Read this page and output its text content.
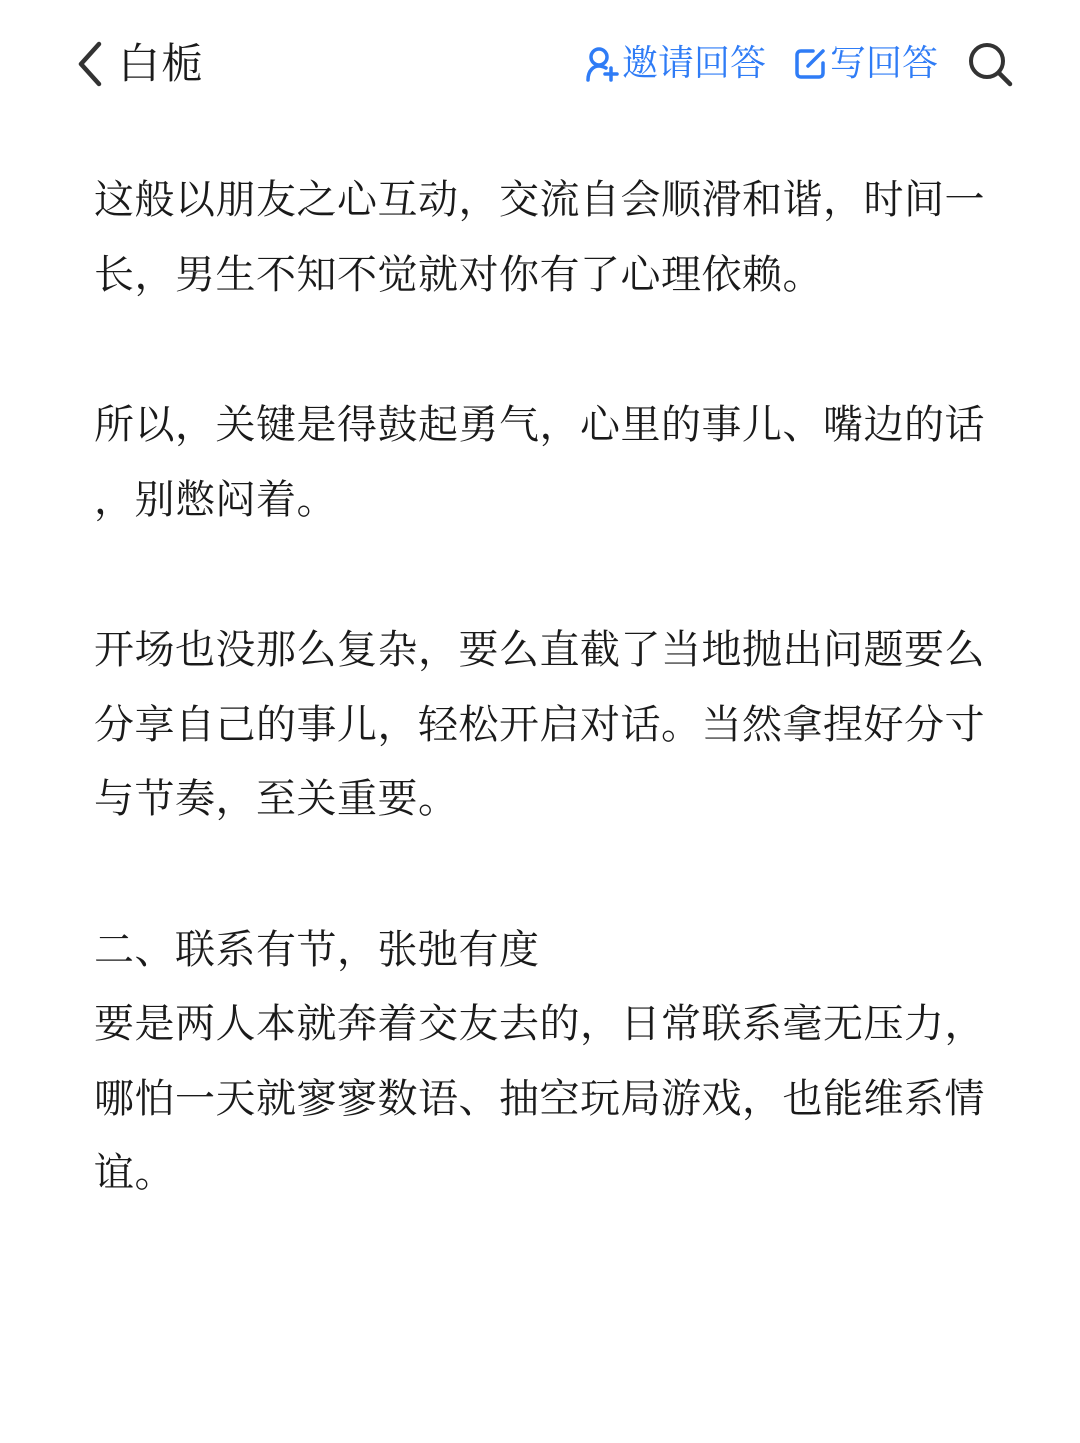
白栀	邀请回答 写回答

这般以朋友之心互动，交流自会顺滑和谐，时间一
长，男生不知不觉就对你有了心理依赖。

所以，关键是得鼓起勇气，心里的事儿、嘴边的话
，别憋闷着。

开场也没那么复杂，要么直截了当地抛出问题要么
分享自己的事儿，轻松开启对话。当然拿捏好分寸
与节奏，至关重要。

二、联系有节，张弛有度
要是两人本就奔着交友去的，日常联系毫无压力，
哪怕一天就寥寥数语、抽空玩局游戏，也能维系情
谊。
